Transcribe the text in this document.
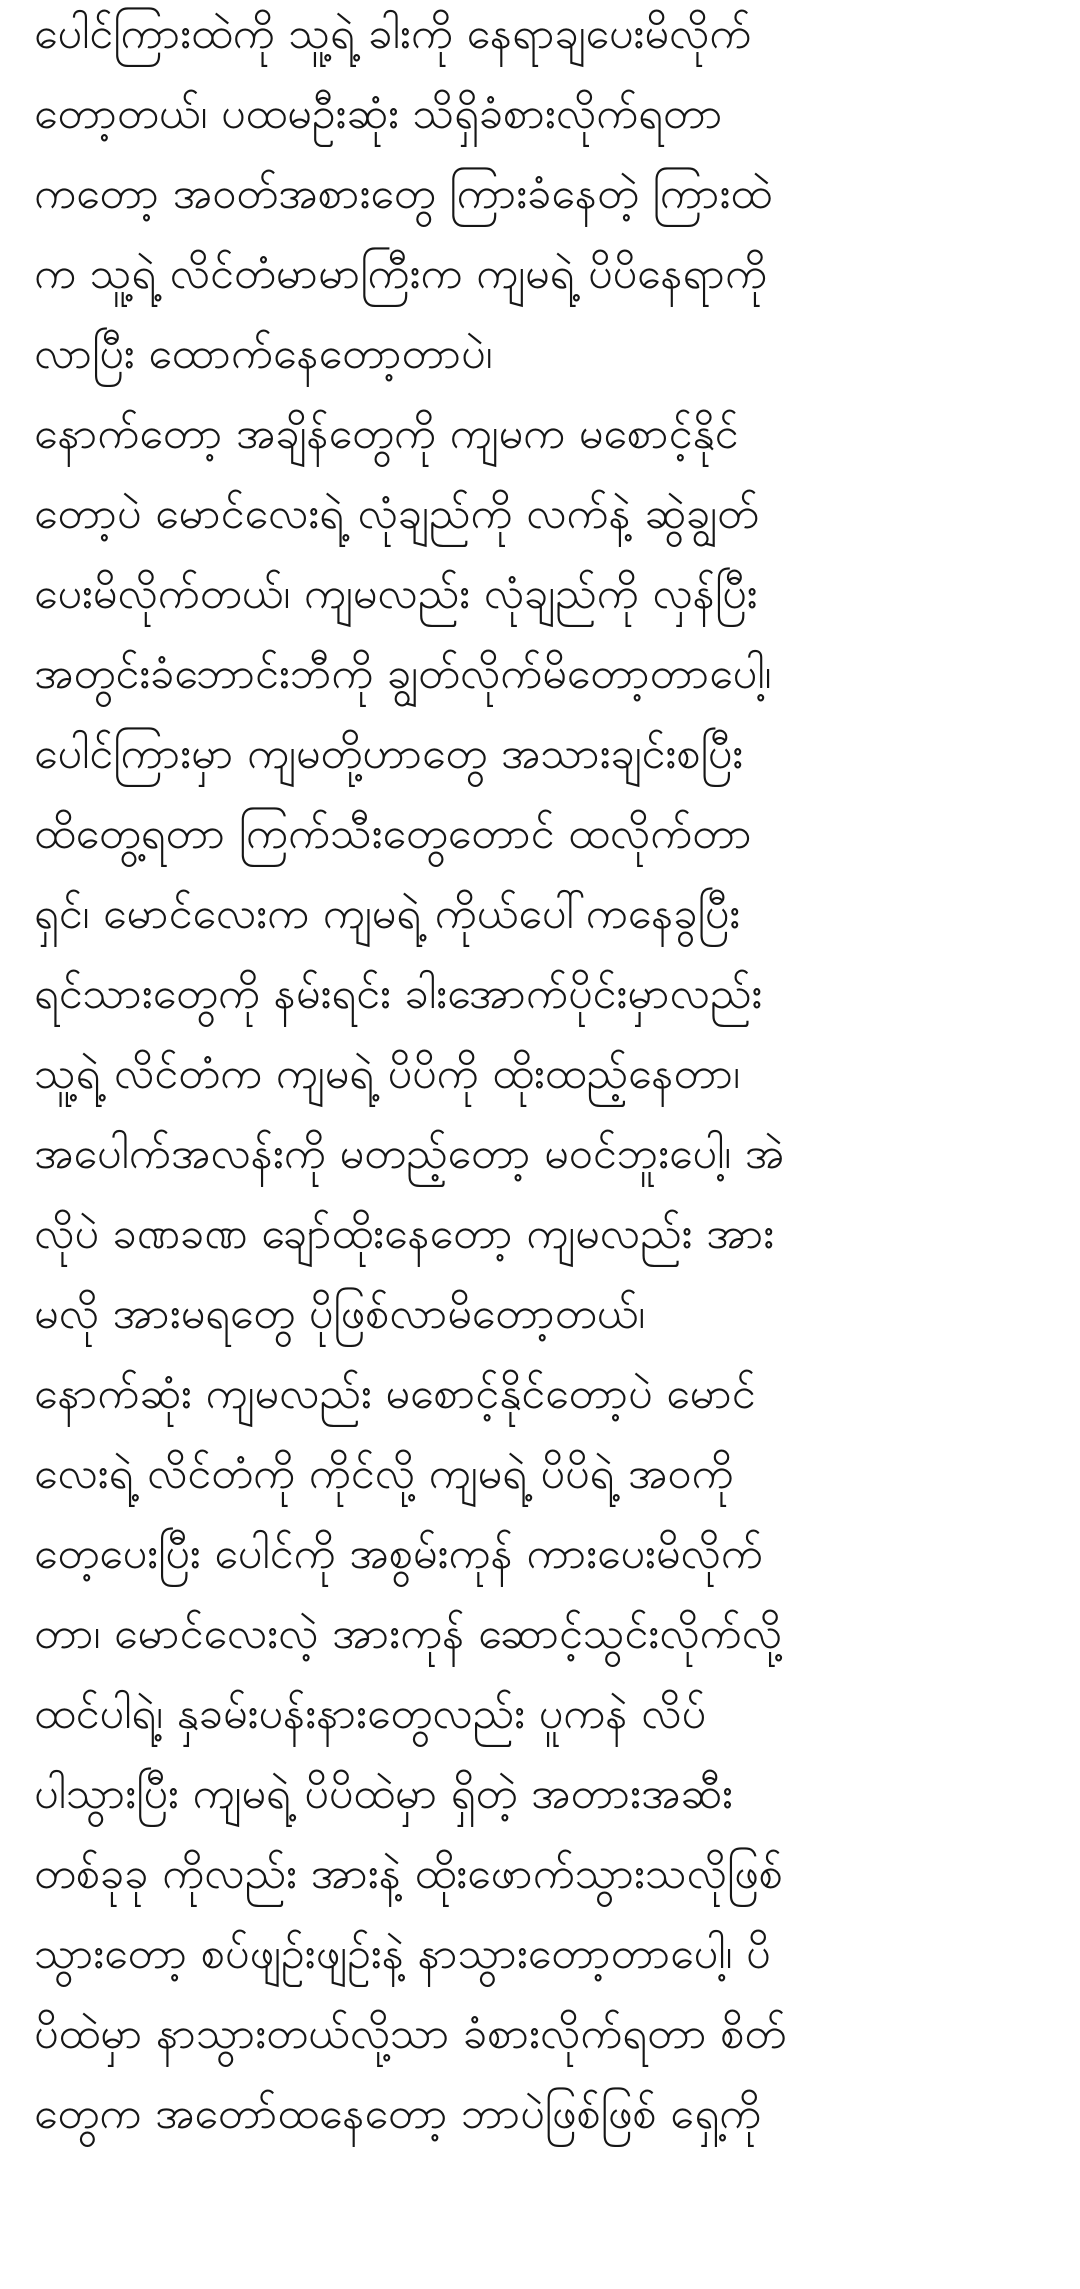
ပေါင်ကြားထဲကို သူ့ရဲ့ ခါးကို နေရာချပေးမိလိုက်
တော့တယ်၊ ပထမဦးဆုံး သိရှိခံစားလိုက်ရတာ
ကတော့ အဝတ်အစားတွေ ကြားခံနေတဲ့ ကြားထဲ
က သူ့ရဲ့ လိင်တံမာမာကြီးက ကျမရဲ့ ပိပိနေရာကို
လာပြီး ထောက်နေတော့တာပဲ၊
နောက်တော့ အချိန်တွေကို ကျမက မစောင့်နိုင်
တော့ပဲ မောင်လေးရဲ့ လုံချည်ကို လက်နဲ့ ဆွဲချွတ်
ပေးမိလိုက်တယ်၊ ကျမလည်း လုံချည်ကို လှန်ပြီး
အတွင်းခံဘောင်းဘီကို ချွတ်လိုက်မိတော့တာပေါ့၊
ပေါင်ကြားမှာ ကျမတို့ဟာတွေ အသားချင်းစပြီး
ထိတွေ့ရတာ ကြက်သီးတွေတောင် ထလိုက်တာ
ရှင်၊ မောင်လေးက ကျမရဲ့ ကိုယ်ပေါ်ကနေခွပြီး
ရင်သားတွေကို နမ်းရင်း ခါးအောက်ပိုင်းမှာလည်း
သူ့ရဲ့ လိင်တံက ကျမရဲ့ ပိပိကို ထိုးထည့်နေတာ၊
အပေါက်အလန်းကို မတည့်တော့ မဝင်ဘူးပေါ့၊ အဲ
လိုပဲ ခဏခဏ ချော်ထိုးနေတော့ ကျမလည်း အား
မလို အားမရတွေ ပိုဖြစ်လာမိတော့တယ်၊
နောက်ဆုံး ကျမလည်း မစောင့်နိုင်တော့ပဲ မောင်
လေးရဲ့ လိင်တံကို ကိုင်လို့ ကျမရဲ့ ပိပိရဲ့ အဝကို
တေ့ပေးပြီး ပေါင်ကို အစွမ်းကုန် ကားပေးမိလိုက်
တာ၊ မောင်လေးလဲ့ အားကုန် ဆောင့်သွင်းလိုက်လို့
ထင်ပါရဲ့၊ နှခမ်းပန်းနားတွေလည်း ပူကနဲ လိပ်
ပါသွားပြီး ကျမရဲ့ ပိပိထဲမှာ ရှိတဲ့ အတားအဆီး
တစ်ခုခု ကိုလည်း အားနဲ့ ထိုးဖောက်သွားသလိုဖြစ်
သွားတော့ စပ်ဖျဉ်းဖျဉ်းနဲ့ နာသွားတော့တာပေါ့၊ ပိ
ပိထဲမှာ နာသွားတယ်လို့သာ ခံစားလိုက်ရတာ စိတ်
တွေက အတော်ထနေတော့ ဘာပဲဖြစ်ဖြစ် ရှေ့ကို
